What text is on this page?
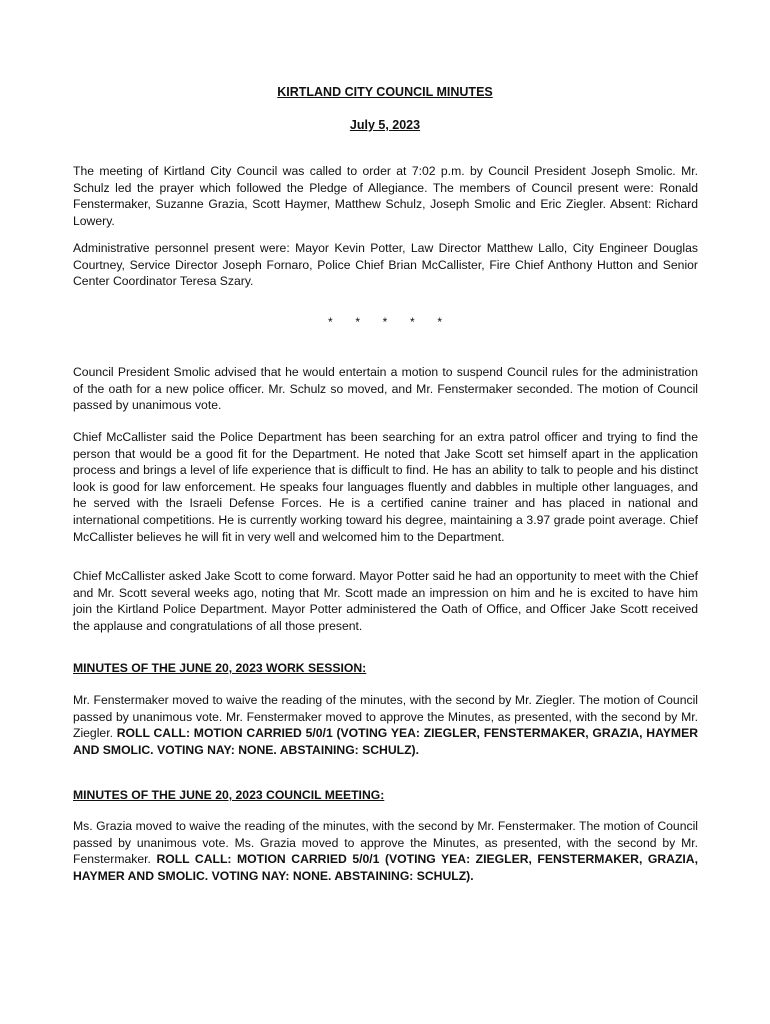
KIRTLAND CITY COUNCIL MINUTES
July 5, 2023

The meeting of Kirtland City Council was called to order at 7:02 p.m. by Council President Joseph Smolic. Mr. Schulz led the prayer which followed the Pledge of Allegiance. The members of Council present were: Ronald Fenstermaker, Suzanne Grazia, Scott Haymer, Matthew Schulz, Joseph Smolic and Eric Ziegler. Absent: Richard Lowery.

Administrative personnel present were: Mayor Kevin Potter, Law Director Matthew Lallo, City Engineer Douglas Courtney, Service Director Joseph Fornaro, Police Chief Brian McCallister, Fire Chief Anthony Hutton and Senior Center Coordinator Teresa Szary.

* * * * *

Council President Smolic advised that he would entertain a motion to suspend Council rules for the administration of the oath for a new police officer. Mr. Schulz so moved, and Mr. Fenstermaker seconded. The motion of Council passed by unanimous vote.

Chief McCallister said the Police Department has been searching for an extra patrol officer and trying to find the person that would be a good fit for the Department. He noted that Jake Scott set himself apart in the application process and brings a level of life experience that is difficult to find. He has an ability to talk to people and his distinct look is good for law enforcement. He speaks four languages fluently and dabbles in multiple other languages, and he served with the Israeli Defense Forces. He is a certified canine trainer and has placed in national and international competitions. He is currently working toward his degree, maintaining a 3.97 grade point average. Chief McCallister believes he will fit in very well and welcomed him to the Department.

Chief McCallister asked Jake Scott to come forward. Mayor Potter said he had an opportunity to meet with the Chief and Mr. Scott several weeks ago, noting that Mr. Scott made an impression on him and he is excited to have him join the Kirtland Police Department. Mayor Potter administered the Oath of Office, and Officer Jake Scott received the applause and congratulations of all those present.

MINUTES OF THE JUNE 20, 2023 WORK SESSION:

Mr. Fenstermaker moved to waive the reading of the minutes, with the second by Mr. Ziegler. The motion of Council passed by unanimous vote. Mr. Fenstermaker moved to approve the Minutes, as presented, with the second by Mr. Ziegler. ROLL CALL: MOTION CARRIED 5/0/1 (VOTING YEA: ZIEGLER, FENSTERMAKER, GRAZIA, HAYMER AND SMOLIC. VOTING NAY: NONE. ABSTAINING: SCHULZ).

MINUTES OF THE JUNE 20, 2023 COUNCIL MEETING:

Ms. Grazia moved to waive the reading of the minutes, with the second by Mr. Fenstermaker. The motion of Council passed by unanimous vote. Ms. Grazia moved to approve the Minutes, as presented, with the second by Mr. Fenstermaker. ROLL CALL: MOTION CARRIED 5/0/1 (VOTING YEA: ZIEGLER, FENSTERMAKER, GRAZIA, HAYMER AND SMOLIC. VOTING NAY: NONE. ABSTAINING: SCHULZ).
